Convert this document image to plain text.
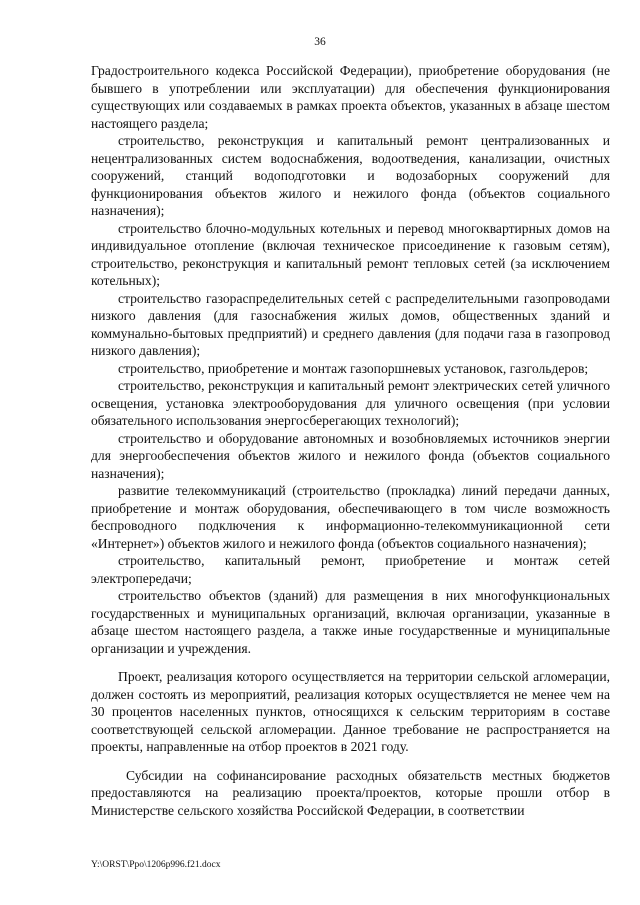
36

Градостроительного кодекса Российской Федерации), приобретение оборудования (не бывшего в употреблении или эксплуатации) для обеспечения функционирования существующих или создаваемых в рамках проекта объектов, указанных в абзаце шестом настоящего раздела;

строительство, реконструкция и капитальный ремонт централизованных и нецентрализованных систем водоснабжения, водоотведения, канализации, очистных сооружений, станций водоподготовки и водозаборных сооружений для функционирования объектов жилого и нежилого фонда (объектов социального назначения);

строительство блочно-модульных котельных и перевод многоквартирных домов на индивидуальное отопление (включая техническое присоединение к газовым сетям), строительство, реконструкция и капитальный ремонт тепловых сетей (за исключением котельных);

строительство газораспределительных сетей с распределительными газопроводами низкого давления (для газоснабжения жилых домов, общественных зданий и коммунально-бытовых предприятий) и среднего давления (для подачи газа в газопровод низкого давления);

строительство, приобретение и монтаж газопоршневых установок, газгольдеров;

строительство, реконструкция и капитальный ремонт электрических сетей уличного освещения, установка электрооборудования для уличного освещения (при условии обязательного использования энергосберегающих технологий);

строительство и оборудование автономных и возобновляемых источников энергии для энергообеспечения объектов жилого и нежилого фонда (объектов социального назначения);

развитие телекоммуникаций (строительство (прокладка) линий передачи данных, приобретение и монтаж оборудования, обеспечивающего в том числе возможность беспроводного подключения к информационно-телекоммуникационной сети «Интернет») объектов жилого и нежилого фонда (объектов социального назначения);

строительство, капитальный ремонт, приобретение и монтаж сетей электропередачи;

строительство объектов (зданий) для размещения в них многофункциональных государственных и муниципальных организаций, включая организации, указанные в абзаце шестом настоящего раздела, а также иные государственные и муниципальные организации и учреждения.

Проект, реализация которого осуществляется на территории сельской агломерации, должен состоять из мероприятий, реализация которых осуществляется не менее чем на 30 процентов населенных пунктов, относящихся к сельским территориям в составе соответствующей сельской агломерации. Данное требование не распространяется на проекты, направленные на отбор проектов в 2021 году.

Субсидии на софинансирование расходных обязательств местных бюджетов предоставляются на реализацию проекта/проектов, которые прошли отбор в Министерстве сельского хозяйства Российской Федерации, в соответствии

Y:\ORST\Ppo\1206p996.f21.docx
